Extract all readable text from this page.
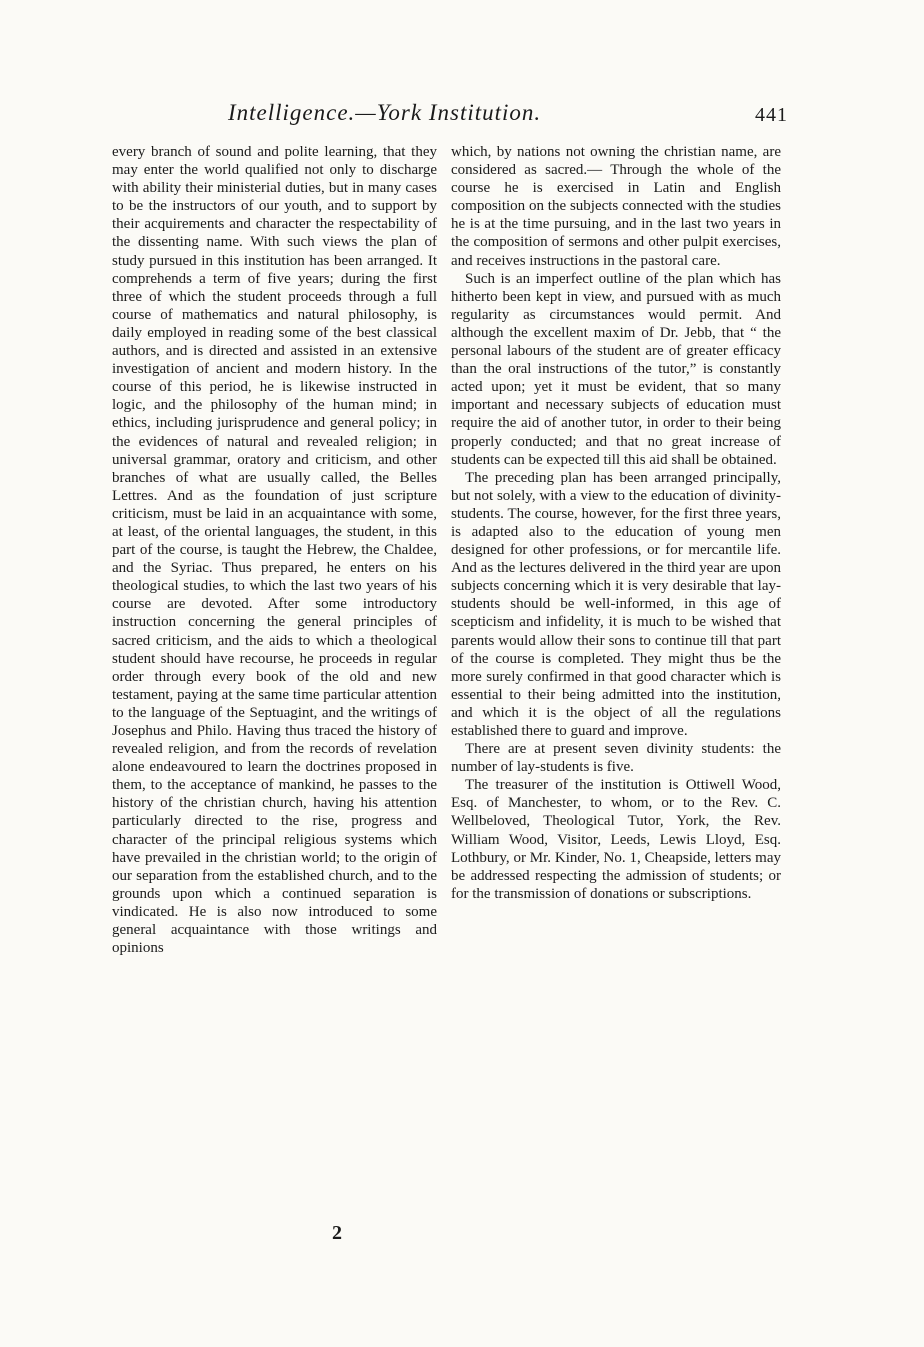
Intelligence.—York Institution.	441

every branch of sound and polite learning, that they may enter the world qualified not only to discharge with ability their ministerial duties, but in many cases to be the instructors of our youth, and to support by their acquirements and character the respectability of the dissenting name. With such views the plan of study pursued in this institution has been arranged. It comprehends a term of five years; during the first three of which the student proceeds through a full course of mathematics and natural philosophy, is daily employed in reading some of the best classical authors, and is directed and assisted in an extensive investigation of ancient and modern history. In the course of this period, he is likewise instructed in logic, and the philosophy of the human mind; in ethics, including jurisprudence and general policy; in the evidences of natural and revealed religion; in universal grammar, oratory and criticism, and other branches of what are usually called, the Belles Lettres. And as the foundation of just scripture criticism, must be laid in an acquaintance with some, at least, of the oriental languages, the student, in this part of the course, is taught the Hebrew, the Chaldee, and the Syriac. Thus prepared, he enters on his theological studies, to which the last two years of his course are devoted. After some introductory instruction concerning the general principles of sacred criticism, and the aids to which a theological student should have recourse, he proceeds in regular order through every book of the old and new testament, paying at the same time particular attention to the language of the Septuagint, and the writings of Josephus and Philo. Having thus traced the history of revealed religion, and from the records of revelation alone endeavoured to learn the doctrines proposed in them, to the acceptance of mankind, he passes to the history of the christian church, having his attention particularly directed to the rise, progress and character of the principal religious systems which have prevailed in the christian world; to the origin of our separation from the established church, and to the grounds upon which a continued separation is vindicated. He is also now introduced to some general acquaintance with those writings and opinions

which, by nations not owning the christian name, are considered as sacred.— Through the whole of the course he is exercised in Latin and English composition on the subjects connected with the studies he is at the time pursuing, and in the last two years in the composition of sermons and other pulpit exercises, and receives instructions in the pastoral care.

Such is an imperfect outline of the plan which has hitherto been kept in view, and pursued with as much regularity as circumstances would permit. And although the excellent maxim of Dr. Jebb, that “ the personal labours of the student are of greater efficacy than the oral instructions of the tutor,” is constantly acted upon; yet it must be evident, that so many important and necessary subjects of education must require the aid of another tutor, in order to their being properly conducted; and that no great increase of students can be expected till this aid shall be obtained.

The preceding plan has been arranged principally, but not solely, with a view to the education of divinity-students. The course, however, for the first three years, is adapted also to the education of young men designed for other professions, or for mercantile life. And as the lectures delivered in the third year are upon subjects concerning which it is very desirable that lay-students should be well-informed, in this age of scepticism and infidelity, it is much to be wished that parents would allow their sons to continue till that part of the course is completed. They might thus be the more surely confirmed in that good character which is essential to their being admitted into the institution, and which it is the object of all the regulations established there to guard and improve.

There are at present seven divinity students: the number of lay-students is five.

The treasurer of the institution is Ottiwell Wood, Esq. of Manchester, to whom, or to the Rev. C. Wellbeloved, Theological Tutor, York, the Rev. William Wood, Visitor, Leeds, Lewis Lloyd, Esq. Lothbury, or Mr. Kinder, No. 1, Cheapside, letters may be addressed respecting the admission of students; or for the transmission of donations or subscriptions.

2
